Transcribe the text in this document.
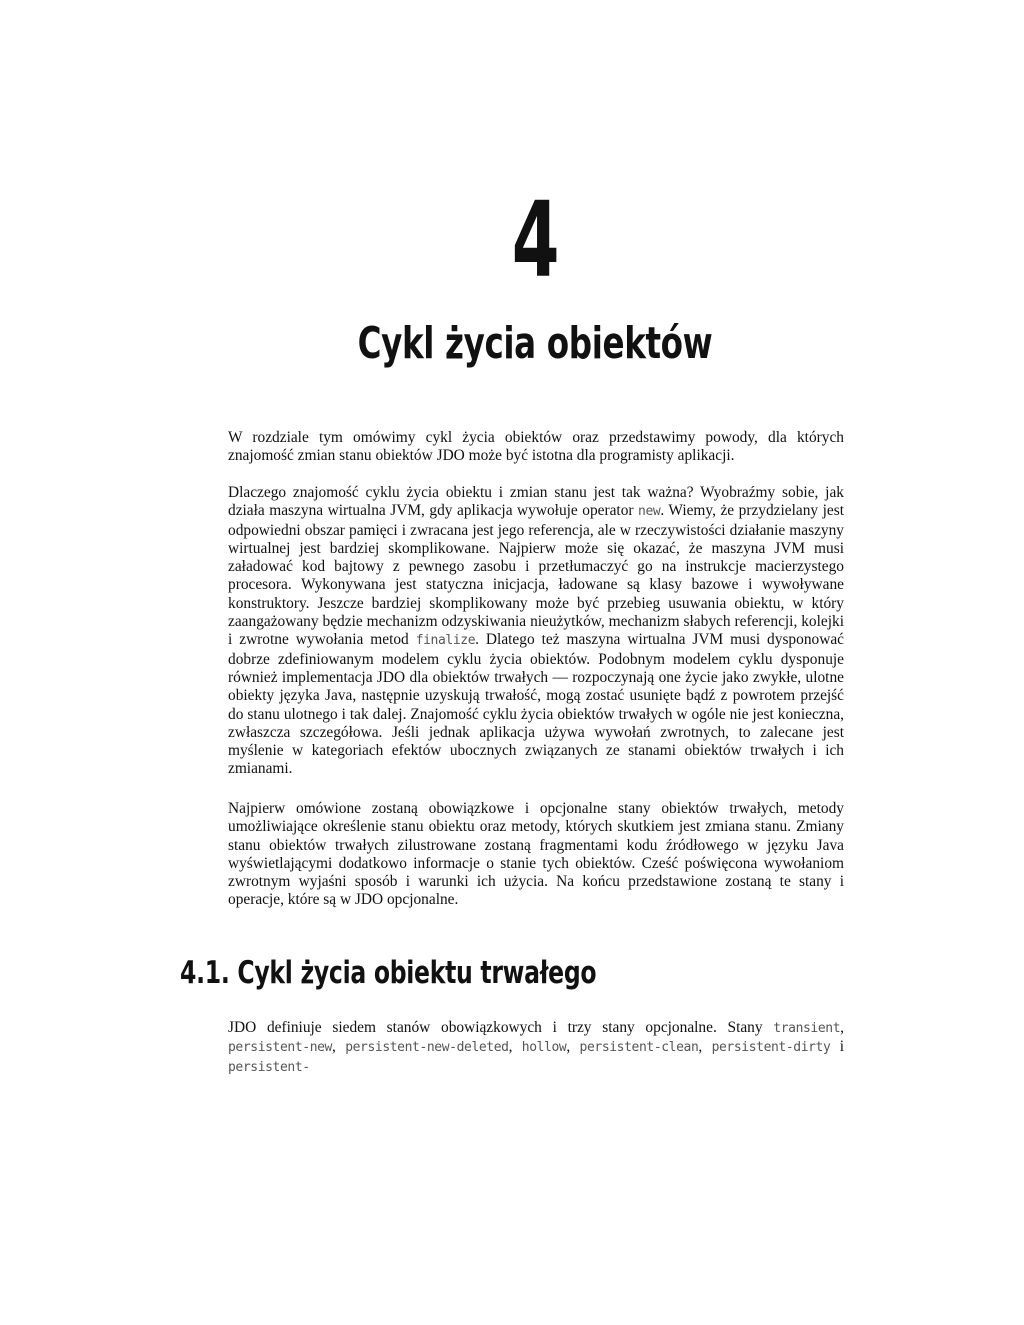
4
Cykl życia obiektów

W rozdziale tym omówimy cykl życia obiektów oraz przedstawimy powody, dla których znajomość zmian stanu obiektów JDO może być istotna dla programisty aplikacji.

Dlaczego znajomość cyklu życia obiektu i zmian stanu jest tak ważna? Wyobraźmy sobie, jak działa maszyna wirtualna JVM, gdy aplikacja wywołuje operator new. Wiemy, że przydzielany jest odpowiedni obszar pamięci i zwracana jest jego referencja, ale w rzeczywistości działanie maszyny wirtualnej jest bardziej skomplikowane. Najpierw może się okazać, że maszyna JVM musi załadować kod bajtowy z pewnego zasobu i przetłumaczyć go na instrukcje macierzystego procesora. Wykonywana jest statyczna inicjacja, ładowane są klasy bazowe i wywoływane konstruktory. Jeszcze bardziej skomplikowany może być przebieg usuwania obiektu, w który zaangażowany będzie mechanizm odzyskiwania nieużytków, mechanizm słabych referencji, kolejki i zwrotne wywołania metod finalize. Dlatego też maszyna wirtualna JVM musi dysponować dobrze zdefiniowanym modelem cyklu życia obiektów. Podobnym modelem cyklu dysponuje również implementacja JDO dla obiektów trwałych — rozpoczynają one życie jako zwykłe, ulotne obiekty języka Java, następnie uzyskują trwałość, mogą zostać usunięte bądź z powrotem przejść do stanu ulotnego i tak dalej. Znajomość cyklu życia obiektów trwałych w ogóle nie jest konieczna, zwłaszcza szczegółowa. Jeśli jednak aplikacja używa wywołań zwrotnych, to zalecane jest myślenie w kategoriach efektów ubocznych związanych ze stanami obiektów trwałych i ich zmianami.

Najpierw omówione zostaną obowiązkowe i opcjonalne stany obiektów trwałych, metody umożliwiające określenie stanu obiektu oraz metody, których skutkiem jest zmiana stanu. Zmiany stanu obiektów trwałych zilustrowane zostaną fragmentami kodu źródłowego w języku Java wyświetlającymi dodatkowo informacje o stanie tych obiektów. Cześć poświęcona wywołaniom zwrotnym wyjaśni sposób i warunki ich użycia. Na końcu przedstawione zostaną te stany i operacje, które są w JDO opcjonalne.

4.1. Cykl życia obiektu trwałego

JDO definiuje siedem stanów obowiązkowych i trzy stany opcjonalne. Stany transient, persistent-new, persistent-new-deleted, hollow, persistent-clean, persistent-dirty i persistent-
